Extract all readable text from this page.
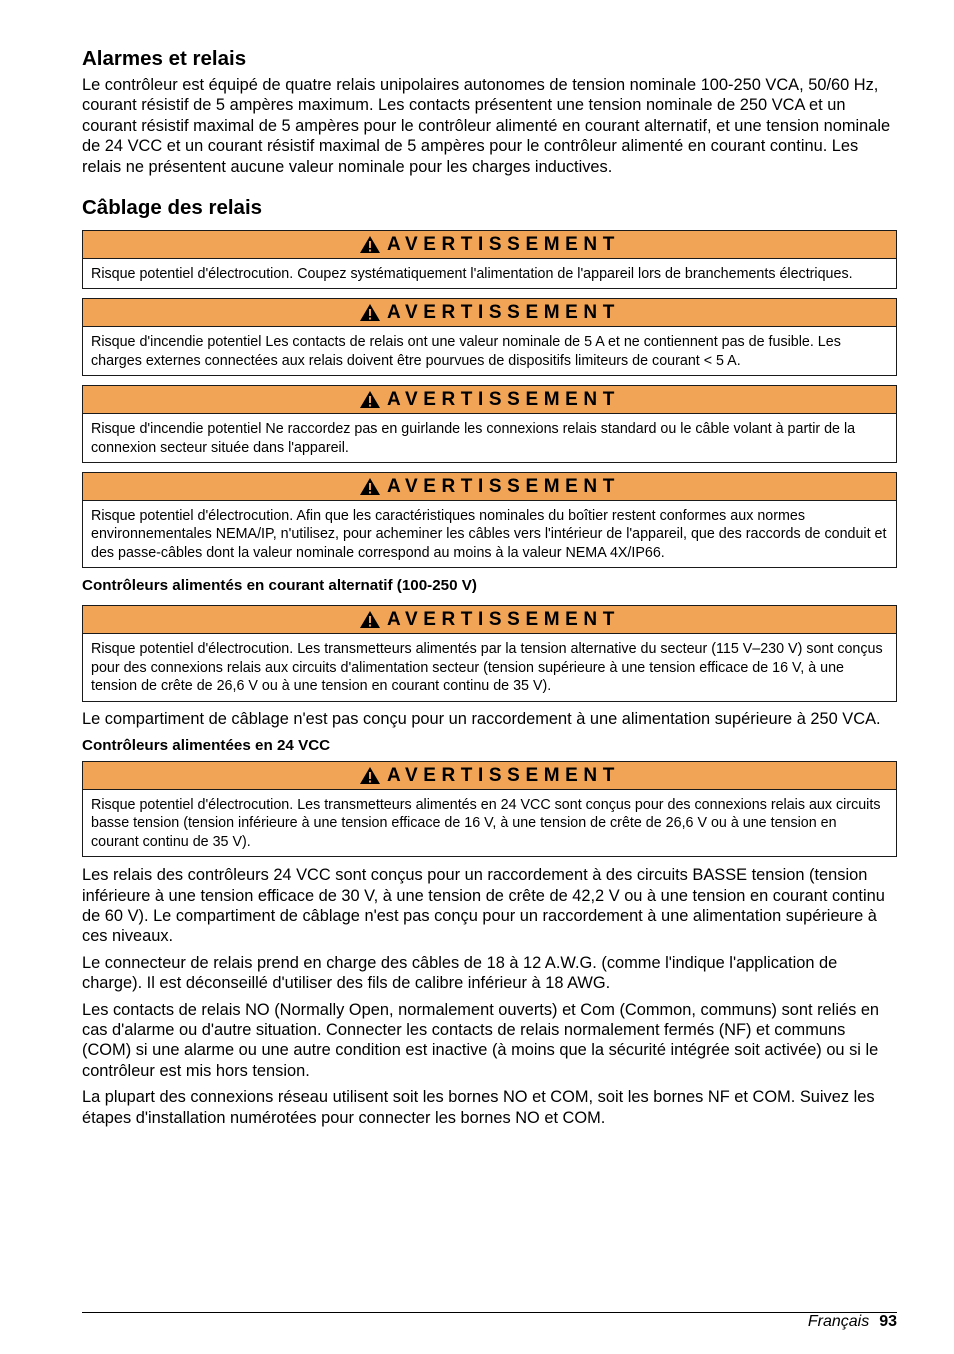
Alarmes et relais

Le contrôleur est équipé de quatre relais unipolaires autonomes de tension nominale 100-250 VCA, 50/60 Hz, courant résistif de 5 ampères maximum. Les contacts présentent une tension nominale de 250 VCA et un courant résistif maximal de 5 ampères pour le contrôleur alimenté en courant alternatif, et une tension nominale de 24 VCC et un courant résistif maximal de 5 ampères pour le contrôleur alimenté en courant continu. Les relais ne présentent aucune valeur nominale pour les charges inductives.

Câblage des relais
AVERTISSEMENT
Risque potentiel d'électrocution. Coupez systématiquement l'alimentation de l'appareil lors de branchements électriques.
AVERTISSEMENT
Risque d'incendie potentiel Les contacts de relais ont une valeur nominale de 5 A et ne contiennent pas de fusible. Les charges externes connectées aux relais doivent être pourvues de dispositifs limiteurs de courant < 5 A.
AVERTISSEMENT
Risque d'incendie potentiel Ne raccordez pas en guirlande les connexions relais standard ou le câble volant à partir de la connexion secteur située dans l'appareil.
AVERTISSEMENT
Risque potentiel d'électrocution. Afin que les caractéristiques nominales du boîtier restent conformes aux normes environnementales NEMA/IP, n'utilisez, pour acheminer les câbles vers l'intérieur de l'appareil, que des raccords de conduit et des passe-câbles dont la valeur nominale correspond au moins à la valeur NEMA 4X/IP66.
Contrôleurs alimentés en courant alternatif (100-250 V)
AVERTISSEMENT
Risque potentiel d'électrocution. Les transmetteurs alimentés par la tension alternative du secteur (115 V–230 V) sont conçus pour des connexions relais aux circuits d'alimentation secteur (tension supérieure à une tension efficace de 16 V, à une tension de crête de 26,6 V ou à une tension en courant continu de 35 V).

Le compartiment de câblage n'est pas conçu pour un raccordement à une alimentation supérieure à 250 VCA.

Contrôleurs alimentées en 24 VCC
AVERTISSEMENT
Risque potentiel d'électrocution. Les transmetteurs alimentés en 24 VCC sont conçus pour des connexions relais aux circuits basse tension (tension inférieure à une tension efficace de 16 V, à une tension de crête de 26,6 V ou à une tension en courant continu de 35 V).

Les relais des contrôleurs 24 VCC sont conçus pour un raccordement à des circuits BASSE tension (tension inférieure à une tension efficace de 30 V, à une tension de crête de 42,2 V ou à une tension en courant continu de 60 V). Le compartiment de câblage n'est pas conçu pour un raccordement à une alimentation supérieure à ces niveaux.

Le connecteur de relais prend en charge des câbles de 18 à 12 A.W.G. (comme l'indique l'application de charge). Il est déconseillé d'utiliser des fils de calibre inférieur à 18 AWG.

Les contacts de relais NO (Normally Open, normalement ouverts) et Com (Common, communs) sont reliés en cas d'alarme ou d'autre situation. Connecter les contacts de relais normalement fermés (NF) et communs (COM) si une alarme ou une autre condition est inactive (à moins que la sécurité intégrée soit activée) ou si le contrôleur est mis hors tension.

La plupart des connexions réseau utilisent soit les bornes NO et COM, soit les bornes NF et COM. Suivez les étapes d'installation numérotées pour connecter les bornes NO et COM.

Français 93
